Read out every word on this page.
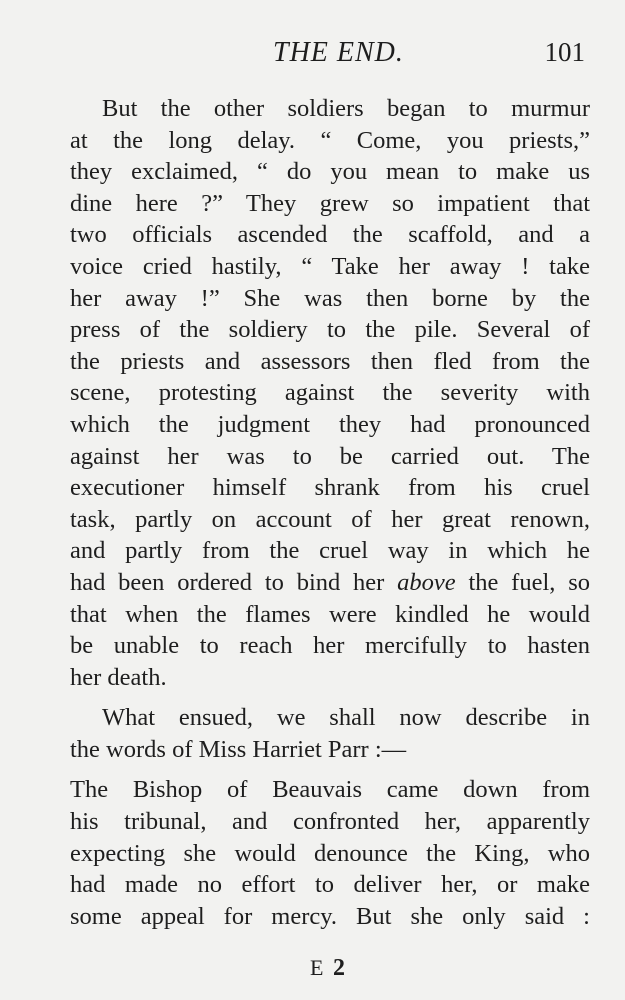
THE END.	101
But the other soldiers began to murmur
at the long delay. “ Come, you priests,”
they exclaimed, “ do you mean to make us
dine here ?” They grew so impatient that
two officials ascended the scaffold, and a
voice cried hastily, “ Take her away ! take
her away !” She was then borne by the
press of the soldiery to the pile. Several of
the priests and assessors then fled from the
scene, protesting against the severity with
which the judgment they had pronounced
against her was to be carried out. The
executioner himself shrank from his cruel
task, partly on account of her great renown,
and partly from the cruel way in which he
had been ordered to bind her above the fuel, so
that when the flames were kindled he would
be unable to reach her mercifully to hasten
her death.
What ensued, we shall now describe in
the words of Miss Harriet Parr :—
The Bishop of Beauvais came down from
his tribunal, and confronted her, apparently
expecting she would denounce the King, who
had made no effort to deliver her, or make
some appeal for mercy. But she only said :
E 2
